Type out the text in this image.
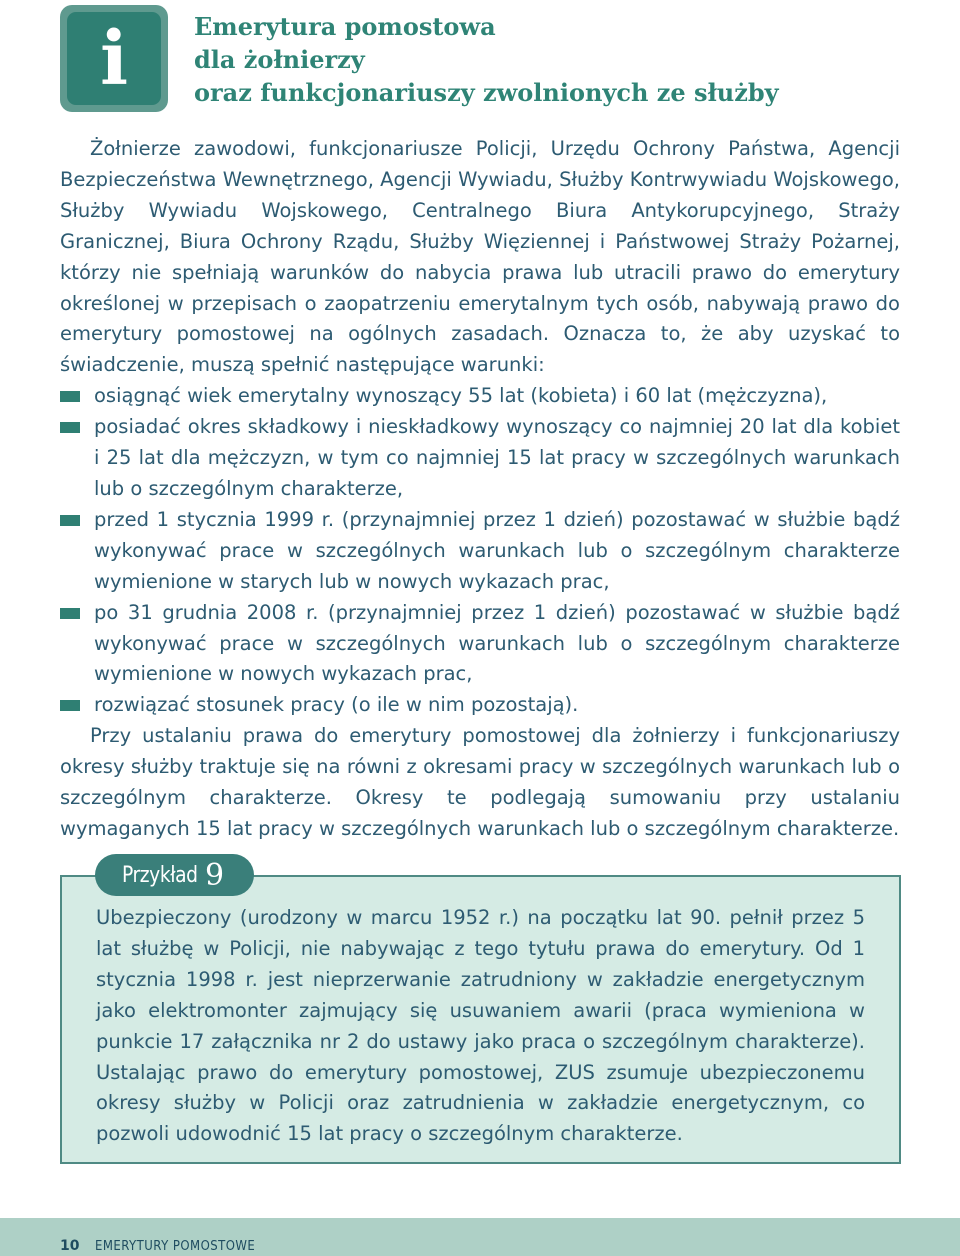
i	Emerytura pomostowa
dla żołnierzy
oraz funkcjonariuszy zwolnionych ze służby

Żołnierze zawodowi, funkcjonariusze Policji, Urzędu Ochrony Państwa, Agencji Bezpieczeństwa Wewnętrznego, Agencji Wywiadu, Służby Kontrwywiadu Wojskowego, Służby Wywiadu Wojskowego, Centralnego Biura Antykorupcyjnego, Straży Granicznej, Biura Ochrony Rządu, Służby Więziennej i Państwowej Straży Pożarnej, którzy nie spełniają warunków do nabycia prawa lub utracili prawo do emerytury określonej w przepisach o zaopatrzeniu emerytalnym tych osób, nabywają prawo do emerytury pomostowej na ogólnych zasadach. Oznacza to, że aby uzyskać to świadczenie, muszą spełnić następujące warunki:

osiągnąć wiek emerytalny wynoszący 55 lat (kobieta) i 60 lat (mężczyzna),
posiadać okres składkowy i nieskładkowy wynoszący co najmniej 20 lat dla kobiet i 25 lat dla mężczyzn, w tym co najmniej 15 lat pracy w szczególnych warunkach lub o szczególnym charakterze,
przed 1 stycznia 1999 r. (przynajmniej przez 1 dzień) pozostawać w służbie bądź wykonywać prace w szczególnych warunkach lub o szczególnym charakterze wymienione w starych lub w nowych wykazach prac,
po 31 grudnia 2008 r. (przynajmniej przez 1 dzień) pozostawać w służbie bądź wykonywać prace w szczególnych warunkach lub o szczególnym charakterze wymienione w nowych wykazach prac,
rozwiązać stosunek pracy (o ile w nim pozostają).

Przy ustalaniu prawa do emerytury pomostowej dla żołnierzy i funkcjonariuszy okresy służby traktuje się na równi z okresami pracy w szczególnych warunkach lub o szczególnym charakterze. Okresy te podlegają sumowaniu przy ustalaniu wymaganych 15 lat pracy w szczególnych warunkach lub o szczególnym charakterze.

Przykład 9

Ubezpieczony (urodzony w marcu 1952 r.) na początku lat 90. pełnił przez 5 lat służbę w Policji, nie nabywając z tego tytułu prawa do emerytury. Od 1 stycznia 1998 r. jest nieprzerwanie zatrudniony w zakładzie energetycznym jako elektromonter zajmujący się usuwaniem awarii (praca wymieniona w punkcie 17 załącznika nr 2 do ustawy jako praca o szczególnym charakterze). Ustalając prawo do emerytury pomostowej, ZUS zsumuje ubezpieczonemu okresy służby w Policji oraz zatrudnienia w zakładzie energetycznym, co pozwoli udowodnić 15 lat pracy o szczególnym charakterze.

10 EMERYTURY POMOSTOWE
